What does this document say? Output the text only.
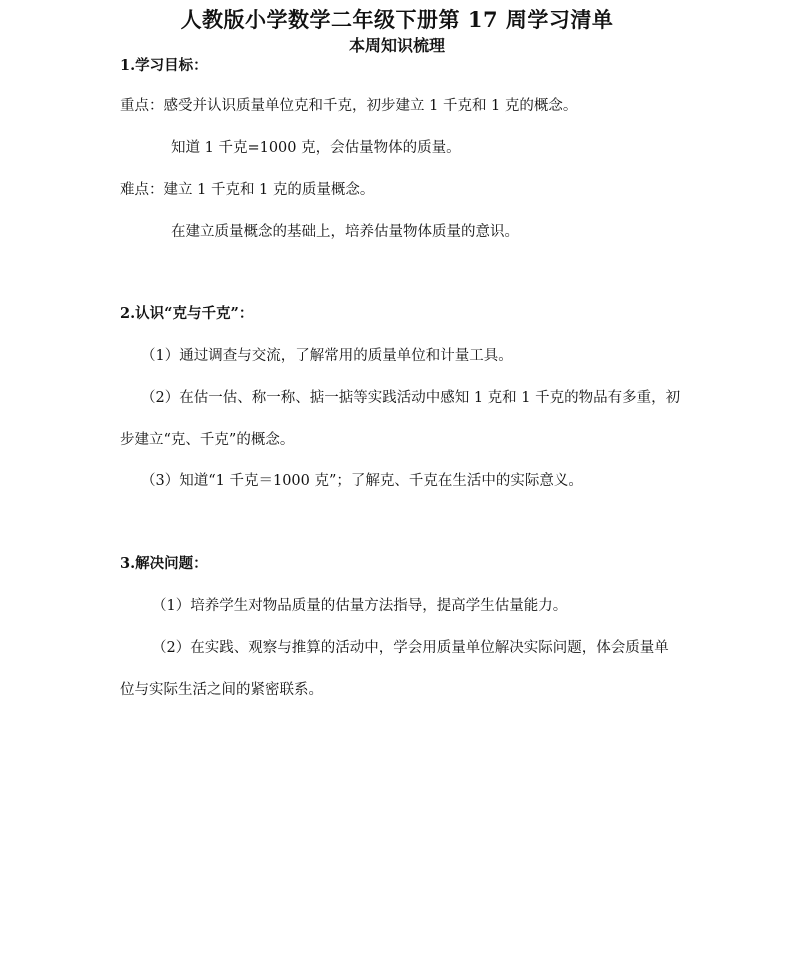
人教版小学数学二年级下册第 17 周学习清单
本周知识梳理
1.学习目标：
重点：感受并认识质量单位克和千克，初步建立 1 千克和 1 克的概念。
知道 1 千克=1000 克，会估量物体的质量。
难点：建立 1 千克和 1 克的质量概念。
在建立质量概念的基础上，培养估量物体质量的意识。
2.认识“克与千克”：
（1）通过调查与交流，了解常用的质量单位和计量工具。
（2）在估一估、称一称、掂一掂等实践活动中感知 1 克和 1 千克的物品有多重，初
步建立“克、千克”的概念。
（3）知道“1 千克＝1000 克”；了解克、千克在生活中的实际意义。
3.解决问题：
（1）培养学生对物品质量的估量方法指导，提高学生估量能力。
（2）在实践、观察与推算的活动中，学会用质量单位解决实际问题，体会质量单
位与实际生活之间的紧密联系。
